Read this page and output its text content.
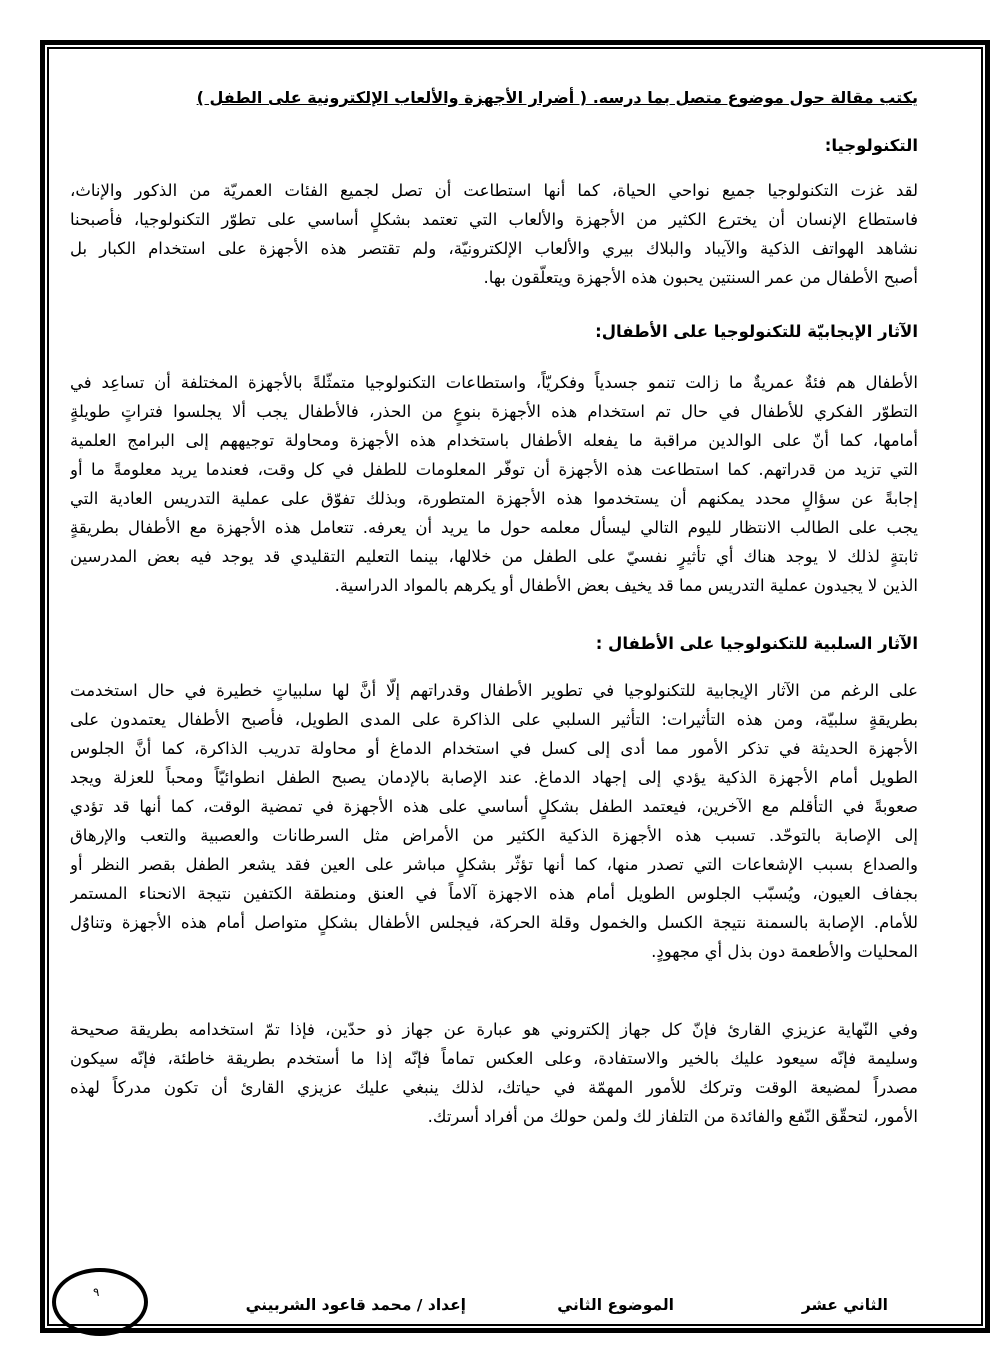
يكتب مقالة حول موضوع متصل بما درسه. ( أضرار الأجهزة والألعاب الإلكترونية على الطفل )
التكنولوجيا:
لقد غزت التكنولوجيا جميع نواحي الحياة، كما أنها استطاعت أن تصل لجميع الفئات العمريّة من الذكور والإناث،
فاستطاع الإنسان أن يخترع الكثير من الأجهزة والألعاب التي تعتمد بشكلٍ أساسي على تطوّر التكنولوجيا، فأصبحنا
نشاهد الهواتف الذكية والآيباد والبلاك بيري والألعاب الإلكترونيّة، ولم تقتصر هذه الأجهزة على استخدام الكبار بل
أصبح الأطفال من عمر السنتين يحبون هذه الأجهزة ويتعلّقون بها.
الآثار الإيجابيّة للتكنولوجيا على الأطفال:
الأطفال هم فئةٌ عمريةٌ ما زالت تنمو جسدياً وفكريّاً، واستطاعات التكنولوجيا متمثّلةً بالأجهزة المختلفة أن تساعِد في
التطوّر الفكري للأطفال في حال تم استخدام هذه الأجهزة بنوعٍ من الحذر، فالأطفال يجب ألا يجلسوا فتراتٍ طويلةٍ
أمامها، كما أنّ على الوالدين مراقبة ما يفعله الأطفال باستخدام هذه الأجهزة ومحاولة توجيههم إلى البرامج العلمية
التي تزيد من قدراتهم. كما استطاعت هذه الأجهزة أن توفّر المعلومات للطفل في كل وقت، فعندما يريد معلومةً ما أو
إجابةً عن سؤالٍ محدد يمكنهم أن يستخدموا هذه الأجهزة المتطورة، وبذلك تفوّق على عملية التدريس العادية التي
يجب على الطالب الانتظار لليوم التالي ليسأل معلمه حول ما يريد أن يعرفه. تتعامل هذه الأجهزة مع الأطفال بطريقةٍ
ثابتةٍ لذلك لا يوجد هناك أي تأثيرٍ نفسيّ على الطفل من خلالها، بينما التعليم التقليدي قد يوجد فيه بعض المدرسين
الذين لا يجيدون عملية التدريس مما قد يخيف بعض الأطفال أو يكرهم بالمواد الدراسية.
الآثار السلبية للتكنولوجيا على الأطفال :
على الرغم من الآثار الإيجابية للتكنولوجيا في تطوير الأطفال وقدراتهم إلّا أنَّ لها سلبياتٍ خطيرة في حال استخدمت
بطريقةٍ سلبيّة، ومن هذه التأثيرات: التأثير السلبي على الذاكرة على المدى الطويل، فأصبح الأطفال يعتمدون على
الأجهزة الحديثة في تذكر الأمور مما أدى إلى كسل في استخدام الدماغ أو محاولة تدريب الذاكرة، كما أنَّ الجلوس
الطويل أمام الأجهزة الذكية يؤدي إلى إجهاد الدماغ. عند الإصابة بالإدمان يصبح الطفل انطوائيّاً ومحباً للعزلة ويجد
صعوبةً في التأقلم مع الآخرين، فيعتمد الطفل بشكلٍ أساسي على هذه الأجهزة في تمضية الوقت، كما أنها قد تؤدي
إلى الإصابة بالتوحّد. تسبب هذه الأجهزة الذكية الكثير من الأمراض مثل السرطانات والعصبية والتعب والإرهاق
والصداع بسبب الإشعاعات التي تصدر منها، كما أنها تؤثّر بشكلٍ مباشر على العين فقد يشعر الطفل بقصر النظر أو
بجفاف العيون، ويُسبّب الجلوس الطويل أمام هذه الاجهزة آلاماً في العنق ومنطقة الكتفين نتيجة الانحناء المستمر
للأمام. الإصابة بالسمنة نتيجة الكسل والخمول وقلة الحركة، فيجلس الأطفال بشكلٍ متواصل أمام هذه الأجهزة وتناوُل
المحليات والأطعمة دون بذل أي مجهودٍ.
وفي النّهاية عزيزي القارئ فإنّ كل جهاز إلكتروني هو عبارة عن جهاز ذو حدّين، فإذا تمّ استخدامه بطريقة صحيحة
وسليمة فإنّه سيعود عليك بالخير والاستفادة، وعلى العكس تماماً فإنّه إذا ما أستخدم بطريقة خاطئة، فإنّه سيكون
مصدراً لمضيعة الوقت وتركك للأمور المهمّة في حياتك، لذلك ينبغي عليك عزيزي القارئ أن تكون مدركاً لهذه
الأمور، لتحقّق النّفع والفائدة من التلفاز لك ولمن حولك من أفراد أسرتك.
الثاني عشر
الموضوع الثاني
إعداد / محمد قاعود الشربيني
٩
